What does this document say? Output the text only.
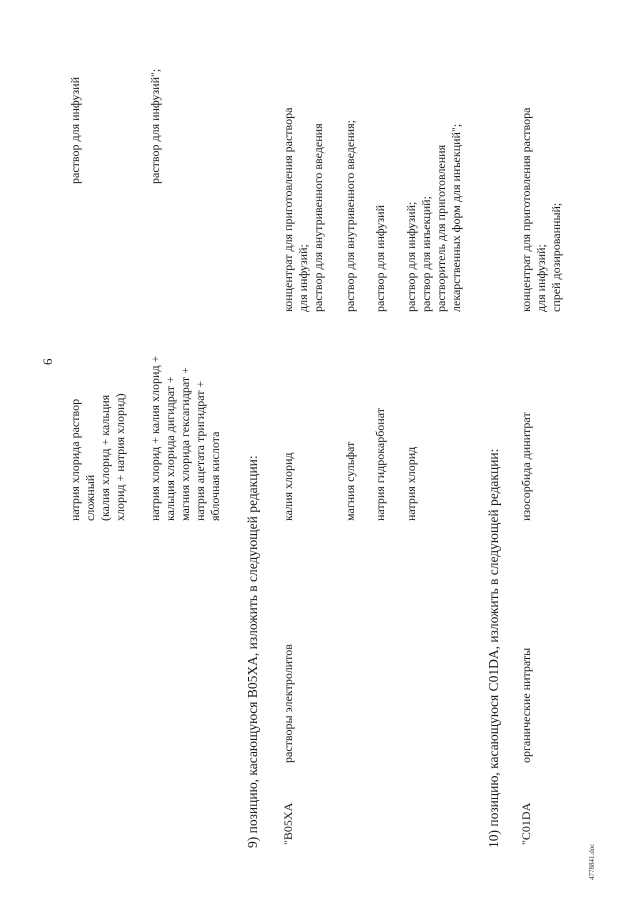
6
натрия хлорида раствор
сложный
(калия хлорид + кальция
хлорид + натрия хлорид)
раствор для инфузий
натрия хлорид + калия хлорид +
кальция хлорида дигидрат +
магния хлорида гексагидрат +
натрия ацетата тригидрат +
яблочная кислота
раствор для инфузий";
9) позицию, касающуюся B05XA, изложить в следующей редакции: "B05XA
растворы электролитов
калия хлорид
концентрат для приготовления раствора
для инфузий;
раствор для внутривенного введения
магния сульфат
раствор для внутривенного введения;
натрия гидрокарбонат
раствор для инфузий
натрия хлорид
раствор для инфузий;
раствор для инъекций;
растворитель для приготовления
лекарственных форм для инъекций";
10) позицию, касающуюся C01DA, изложить в следующей редакции: "C01DA
органические нитраты
изосорбида динитрат
концентрат для приготовления раствора
для инфузий;
спрей дозированный;
4778841.doc
